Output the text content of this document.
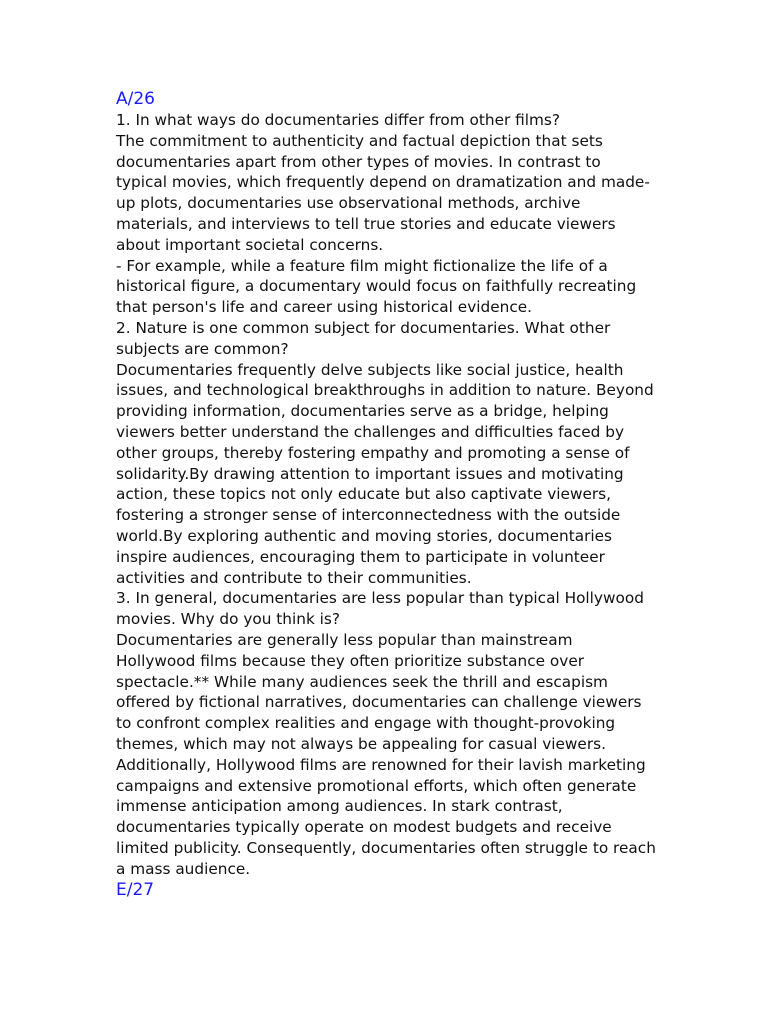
A/26

1. In what ways do documentaries differ from other films?

The commitment to authenticity and factual depiction that sets documentaries apart from other types of movies. In contrast to typical movies, which frequently depend on dramatization and made-up plots, documentaries use observational methods, archive materials, and interviews to tell true stories and educate viewers about important societal concerns.

- For example, while a feature film might fictionalize the life of a historical figure, a documentary would focus on faithfully recreating that person's life and career using historical evidence.

2. Nature is one common subject for documentaries. What other subjects are common?

Documentaries frequently delve subjects like social justice, health issues, and technological breakthroughs in addition to nature. Beyond providing information, documentaries serve as a bridge, helping viewers better understand the challenges and difficulties faced by other groups, thereby fostering empathy and promoting a sense of solidarity.By drawing attention to important issues and motivating action, these topics not only educate but also captivate viewers, fostering a stronger sense of interconnectedness with the outside world.By exploring authentic and moving stories, documentaries inspire audiences, encouraging them to participate in volunteer activities and contribute to their communities.

3. In general, documentaries are less popular than typical Hollywood movies. Why do you think is?

Documentaries are generally less popular than mainstream Hollywood films because they often prioritize substance over spectacle.** While many audiences seek the thrill and escapism offered by fictional narratives, documentaries can challenge viewers to confront complex realities and engage with thought-provoking themes, which may not always be appealing for casual viewers. Additionally, Hollywood films are renowned for their lavish marketing campaigns and extensive promotional efforts, which often generate immense anticipation among audiences. In stark contrast, documentaries typically operate on modest budgets and receive limited publicity. Consequently, documentaries often struggle to reach a mass audience.

E/27
